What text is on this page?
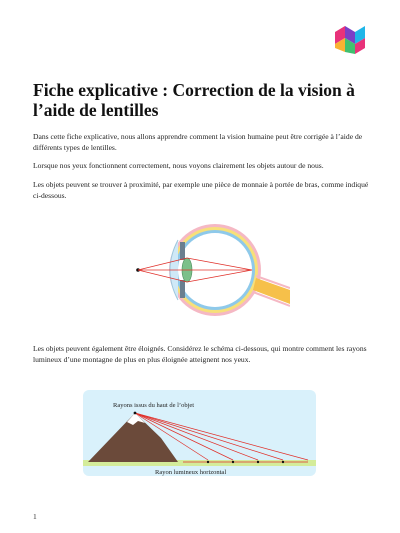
Fiche explicative : Correction de la vision à l’aide de lentilles

Dans cette fiche explicative, nous allons apprendre comment la vision humaine peut être corrigée à l’aide de différents types de lentilles.

Lorsque nos yeux fonctionnent correctement, nous voyons clairement les objets autour de nous.

Les objets peuvent se trouver à proximité, par exemple une pièce de monnaie à portée de bras, comme indiqué ci-dessous.

Les objets peuvent également être éloignés. Considérez le schéma ci-dessous, qui montre comment les rayons lumineux d’une montagne de plus en plus éloignée atteignent nos yeux.

Rayons issus du haut de l’objet
Rayon lumineux horizontal
1
